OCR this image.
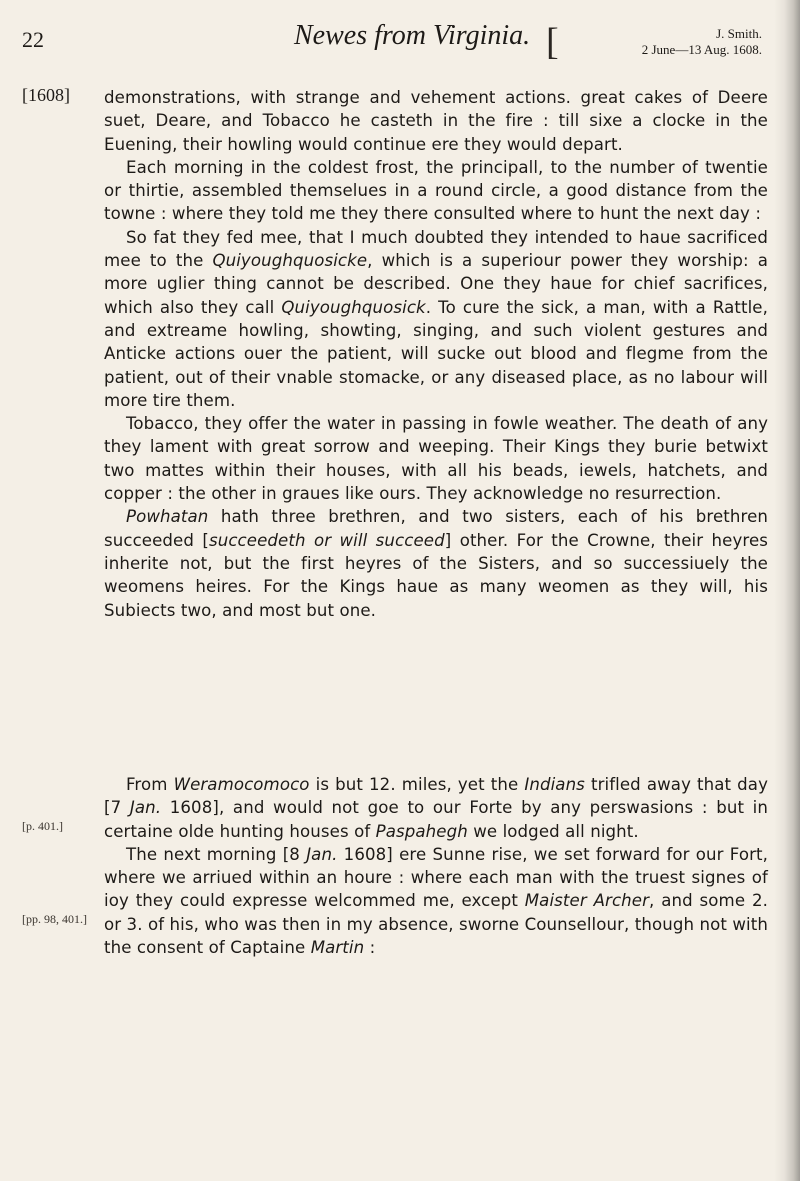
22	Newes from Virginia. [	J. Smith.
2 June—13 Aug. 1608.
[1608]
[p. 401.]
[pp. 98, 401.]

demonstrations, with strange and vehement actions. great cakes of Deere suet, Deare, and Tobacco he casteth in the fire : till sixe a clocke in the Euening, their howling would continue ere they would depart.

Each morning in the coldest frost, the principall, to the number of twentie or thirtie, assembled themselues in a round circle, a good distance from the towne : where they told me they there consulted where to hunt the next day :

So fat they fed mee, that I much doubted they intended to haue sacrificed mee to the Quiyoughquosicke, which is a superiour power they worship: a more uglier thing cannot be described. One they haue for chief sacrifices, which also they call Quiyoughquosick. To cure the sick, a man, with a Rattle, and extreame howling, showting, singing, and such violent gestures and Anticke actions ouer the patient, will sucke out blood and flegme from the patient, out of their vnable stomacke, or any diseased place, as no labour will more tire them.

Tobacco, they offer the water in passing in fowle weather. The death of any they lament with great sorrow and weeping. Their Kings they burie betwixt two mattes within their houses, with all his beads, iewels, hatchets, and copper : the other in graues like ours. They acknowledge no resurrection.

Powhatan hath three brethren, and two sisters, each of his brethren succeeded [succeedeth or will succeed] other. For the Crowne, their heyres inherite not, but the first heyres of the Sisters, and so successiuely the weomens heires. For the Kings haue as many weomen as they will, his Subiects two, and most but one.

From Weramocomoco is but 12. miles, yet the Indians trifled away that day [7 Jan. 1608], and would not goe to our Forte by any perswasions : but in certaine olde hunting houses of Paspahegh we lodged all night.

The next morning [8 Jan. 1608] ere Sunne rise, we set forward for our Fort, where we arriued within an houre : where each man with the truest signes of ioy they could expresse welcommed me, except Maister Archer, and some 2. or 3. of his, who was then in my absence, sworne Counsellour, though not with the consent of Captaine Martin :
